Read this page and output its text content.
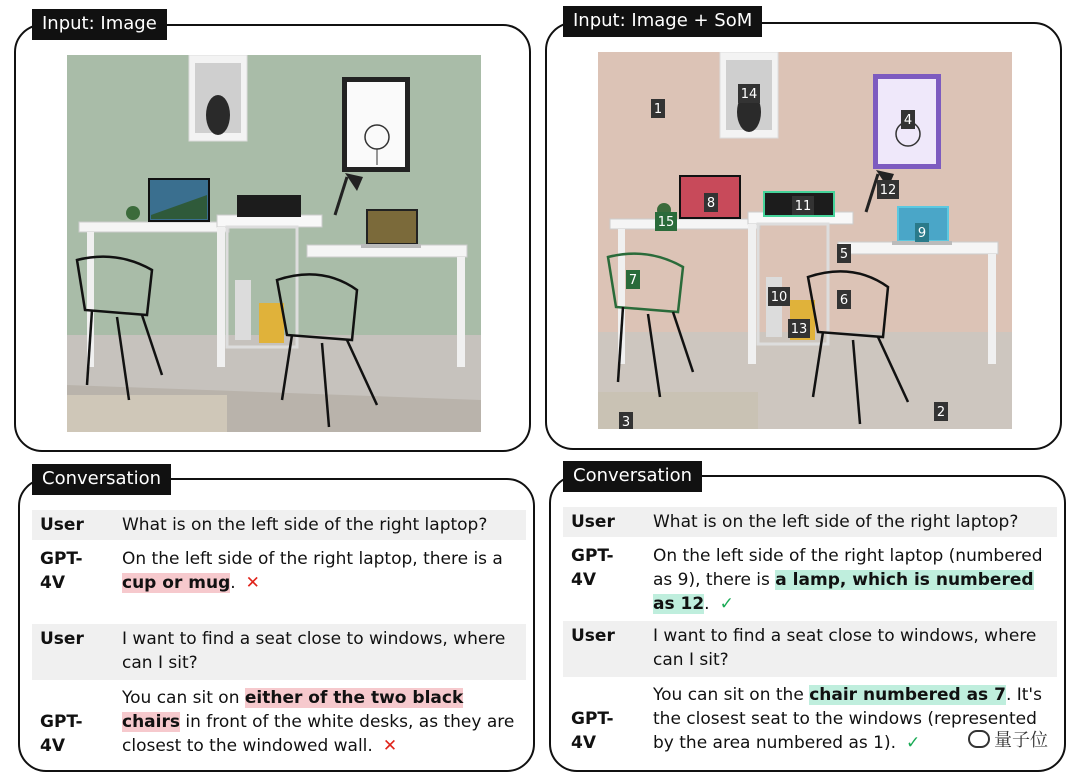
Input: Image	Input: Image + SoM
1
2
3
4
5
6
7
8
9
10
11
12
13
14
15
Conversation
User What is on the left side of the right laptop?
GPT-4V
On the left side of the right laptop, there is a cup or mug. ✕
User I want to find a seat close to windows, where can I sit?
GPT-4V
You can sit on either of the two black chairs in front of the white desks, as they are closest to the windowed wall. ✕
Conversation
User What is on the left side of the right laptop?
GPT-4V
On the left side of the right laptop (numbered as 9), there is a lamp, which is numbered as 12. ✓
User I want to find a seat close to windows, where can I sit?
GPT-4V
You can sit on the chair numbered as 7. It's the closest seat to the windows (represented by the area numbered as 1). ✓	量子位
